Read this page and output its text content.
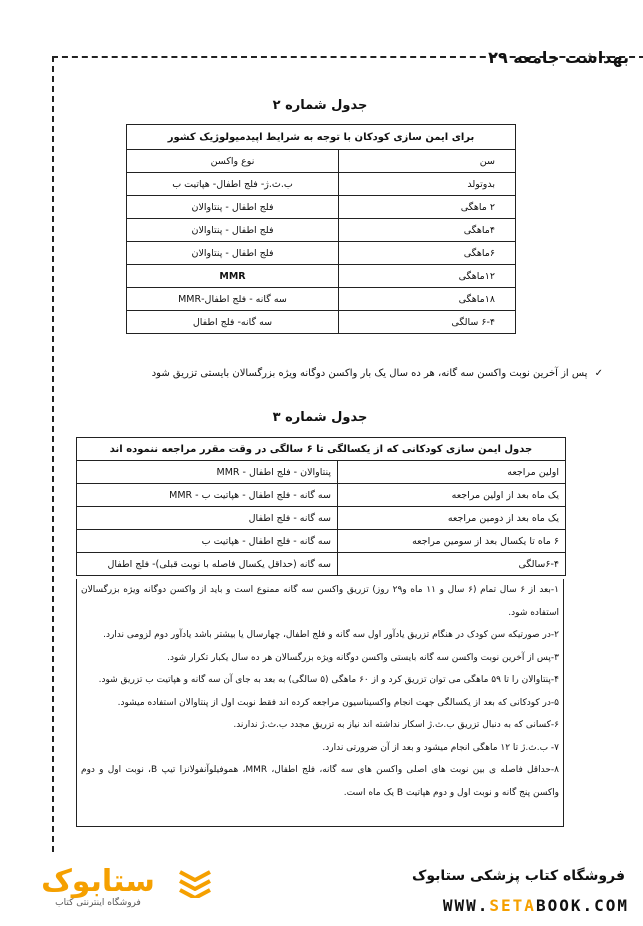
بهداشت جامعه ۲۹
جدول شماره ۲
برای ایمن سازی کودکان با توجه به شرایط اپیدمیولوژیک کشور	
سن	نوع واکسن
بدوتولد	ب.ث.ژ- فلج اطفال- هپاتیت ب
۲ ماهگی	فلج اطفال - پنتاوالان
۴ماهگی	فلج اطفال - پنتاوالان
۶ماهگی	فلج اطفال - پنتاوالان
۱۲ماهگی	MMR
۱۸ماهگی	سه گانه - فلج اطفال-MMR
۶-۴ سالگی	سه گانه- فلج اطفال
✓ پس از آخرین نوبت واکسن سه گانه، هر ده سال یک بار واکسن دوگانه ویژه بزرگسالان بایستی تزریق شود
جدول شماره ۳
جدول ایمن سازی کودکانی که از یکسالگی تا ۶ سالگی در وقت مقرر مراجعه ننموده اند	
اولین مراجعه	پنتاوالان - فلج اطفال - MMR
یک ماه بعد از اولین مراجعه	سه گانه - فلج اطفال - هپاتیت ب - MMR
یک ماه بعد از دومین مراجعه	سه گانه - فلج اطفال
۶ ماه تا یکسال بعد از سومین مراجعه	سه گانه - فلج اطفال - هپاتیت ب
۶-۴سالگی	سه گانه (حداقل یکسال فاصله با نوبت قبلی)- فلج اطفال

۱-بعد از ۶ سال تمام (۶ سال و ۱۱ ماه و۲۹ روز) تزریق واکسن سه گانه ممنوع است و باید از واکسن دوگانه ویژه بزرگسالان استفاده شود.

۲-در صورتیکه سن کودک در هنگام تزریق یادآور اول سه گانه و فلج اطفال، چهارسال یا بیشتر باشد یادآور دوم لزومی ندارد.

۳-پس از آخرین نوبت واکسن سه گانه بایستی واکسن دوگانه ویژه بزرگسالان هر ده سال یکبار تکرار شود.

۴-پنتاوالان را تا ۵۹ ماهگی می توان تزریق کرد و از ۶۰ ماهگی (۵ سالگی) به بعد به جای آن سه گانه و هپاتیت ب تزریق شود.

۵-در کودکانی که بعد از یکسالگی جهت انجام واکسیناسیون مراجعه کرده اند فقط نوبت اول از پنتاوالان استفاده میشود.

۶-کسانی که به دنبال تزریق ب.ث.ژ اسکار نداشته اند نیاز به تزریق مجدد ب.ث.ژ ندارند.

۷- ب.ث.ژ تا ۱۲ ماهگی انجام میشود و بعد از آن ضرورتی ندارد.

۸-حداقل فاصله ی بین نوبت های اصلی واکسن های سه گانه، فلج اطفال، MMR، هموفیلوآنفولانزا تیپ B، نوبت اول و دوم واکسن پنج گانه و نوبت اول و دوم هپاتیت B یک ماه است.

فروشگاه کتاب پزشکی ستابوک
WWW.SETABOOK.COM
ستابوک
فروشگاه اینترنتی کتاب
